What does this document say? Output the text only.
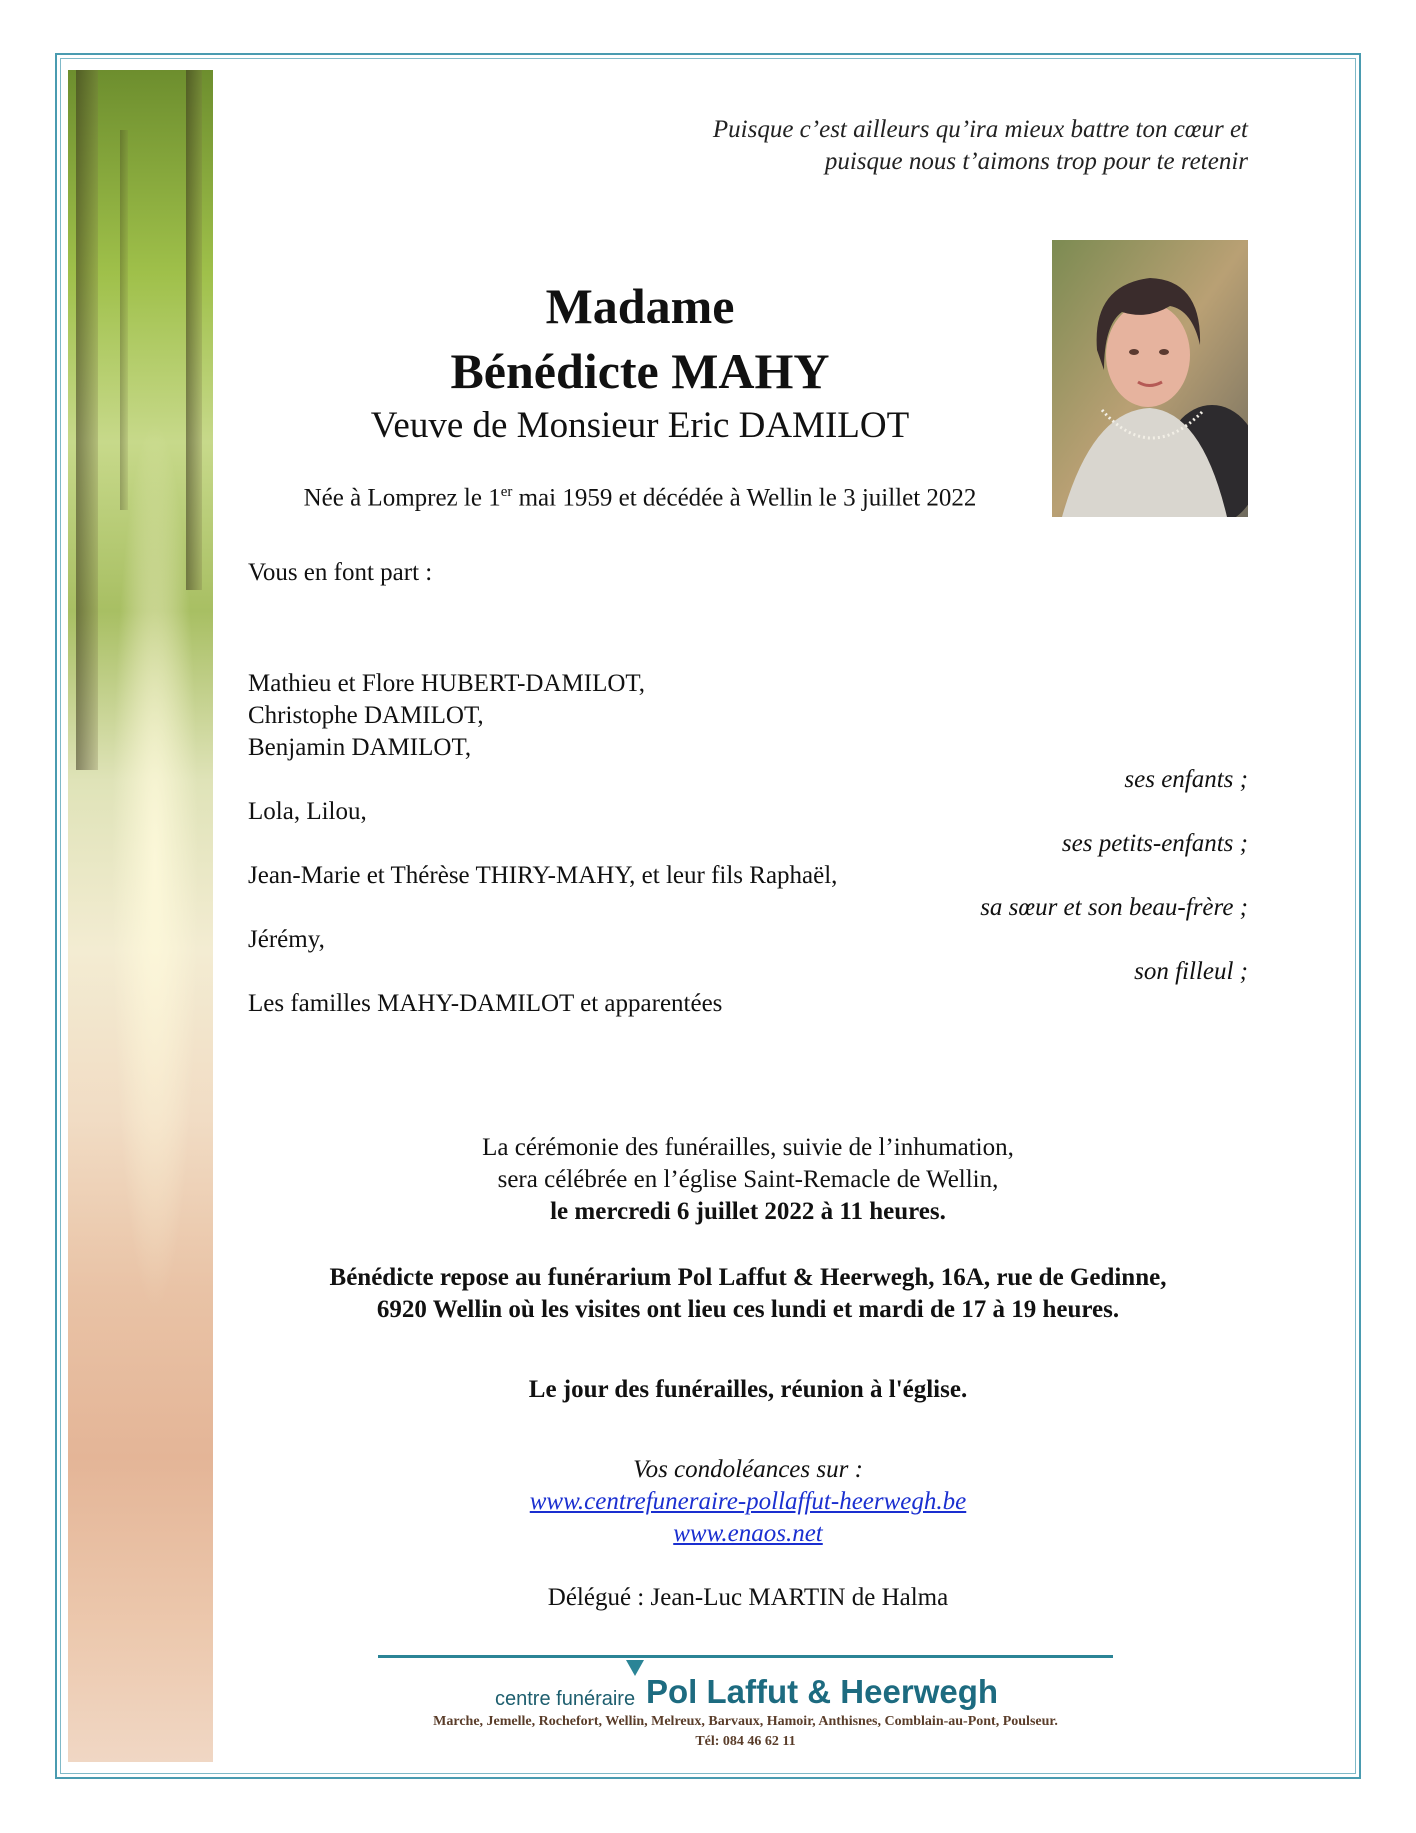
Puisque c’est ailleurs qu’ira mieux battre ton cœur et
puisque nous t’aimons trop pour te retenir
Madame
Bénédicte MAHY
Veuve de Monsieur Eric DAMILOT
Née à Lomprez le 1er mai 1959 et décédée à Wellin le 3 juillet 2022
Vous en font part :
Mathieu et Flore HUBERT-DAMILOT,
Christophe DAMILOT,
Benjamin DAMILOT,
ses enfants ;
Lola, Lilou,
ses petits-enfants ;
Jean-Marie et Thérèse THIRY-MAHY, et leur fils Raphaël,
sa sœur et son beau-frère ;
Jérémy,
son filleul ;
Les familles MAHY-DAMILOT et apparentées
La cérémonie des funérailles, suivie de l’inhumation,
sera célébrée en l’église Saint-Remacle de Wellin,
le mercredi 6 juillet 2022 à 11 heures.
Bénédicte repose au funérarium Pol Laffut & Heerwegh, 16A, rue de Gedinne,
6920 Wellin où les visites ont lieu ces lundi et mardi de 17 à 19 heures.
Le jour des funérailles, réunion à l'église.
Vos condoléances sur :
www.centrefuneraire-pollaffut-heerwegh.be
www.enaos.net
Délégué : Jean-Luc MARTIN de Halma
centre funéraire Pol Laffut & Heerwegh
Marche, Jemelle, Rochefort, Wellin, Melreux, Barvaux, Hamoir, Anthisnes, Comblain-au-Pont, Poulseur.
Tél: 084 46 62 11
